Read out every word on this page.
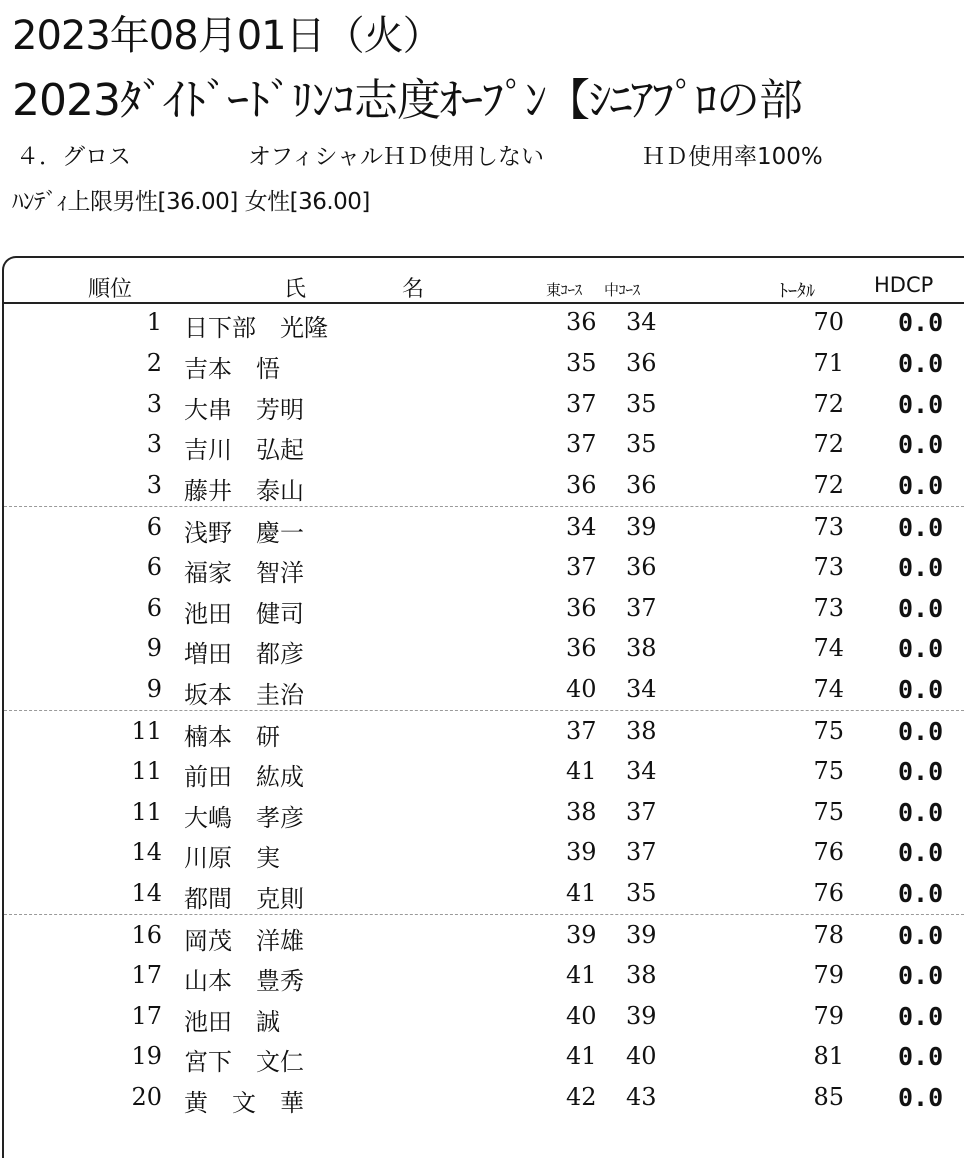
2023年08月01日（火）
2023ﾀﾞｲﾄﾞｰﾄﾞﾘﾝｺ志度ｵｰﾌﾟﾝ【ｼﾆｱﾌﾟﾛの部
４．グロス	オフィシャルＨＤ使用しない	ＨＤ使用率100%
ﾊﾝﾃﾞｨ上限男性[36.00] 女性[36.00]
順位	氏	名	東ｺｰｽ 中ｺｰｽ	ﾄｰﾀﾙ	HDCP
1 日下部　光隆	36 34	70 0.0
2 吉本　悟	35 36	71 0.0
3 大串　芳明	37 35	72 0.0
3 吉川　弘起	37 35	72 0.0
3 藤井　泰山	36 36	72 0.0
6 浅野　慶一	34 39	73 0.0
6 福家　智洋	37 36	73 0.0
6 池田　健司	36 37	73 0.0
9 増田　都彦	36 38	74 0.0
9 坂本　圭治	40 34	74 0.0
11 楠本　研	37 38	75 0.0
11 前田　紘成	41 34	75 0.0
11 大嶋　孝彦	38 37	75 0.0
14 川原　実	39 37	76 0.0
14 都間　克則	41 35	76 0.0
16 岡茂　洋雄	39 39	78 0.0
17 山本　豊秀	41 38	79 0.0
17 池田　誠	40 39	79 0.0
19 宮下　文仁	41 40	81 0.0
20 黄　文　華	42 43	85 0.0
